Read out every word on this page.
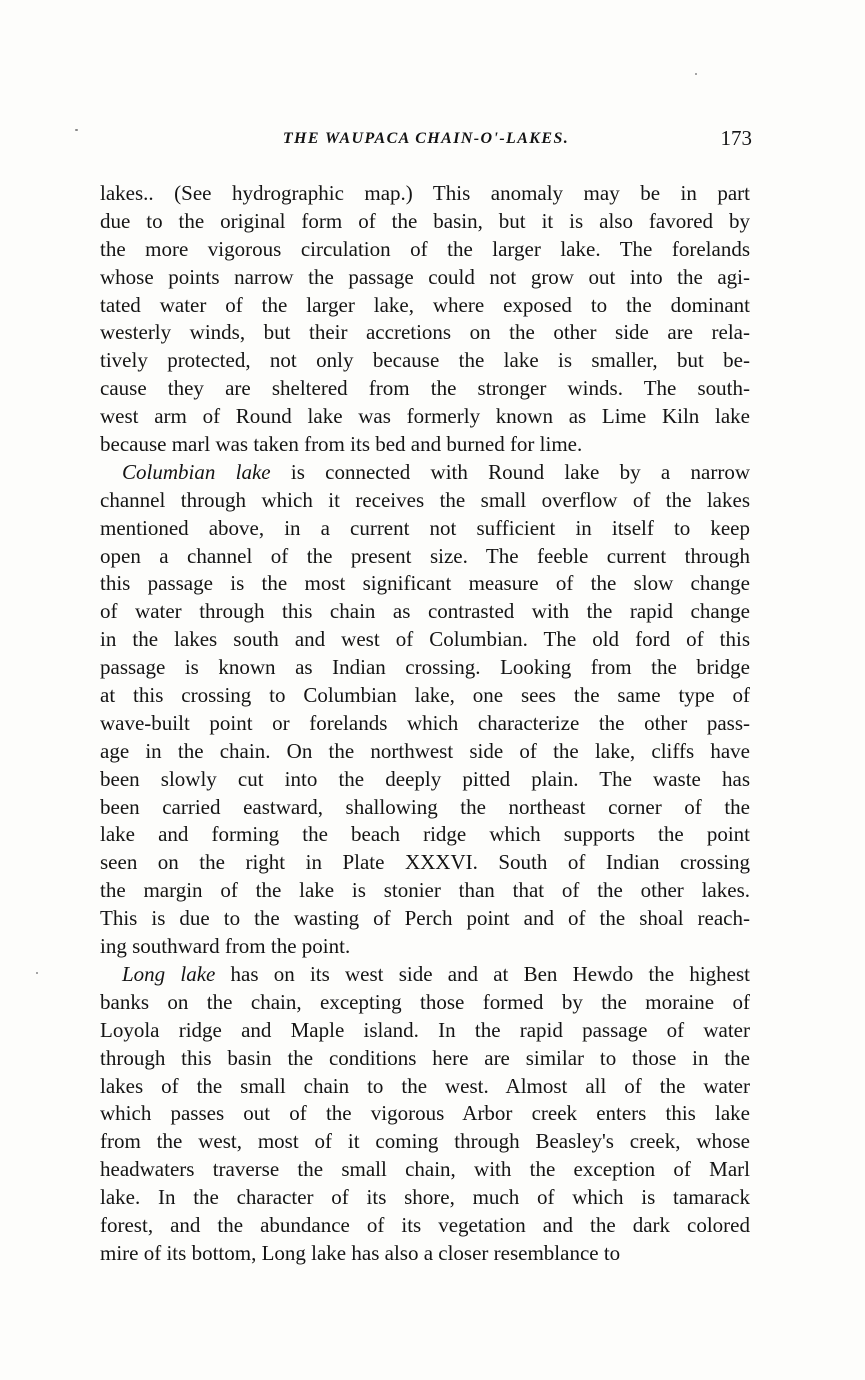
THE WAUPACA CHAIN-O'-LAKES.	173
lakes.. (See hydrographic map.) This anomaly may be in part
due to the original form of the basin, but it is also favored by
the more vigorous circulation of the larger lake. The forelands
whose points narrow the passage could not grow out into the agi-
tated water of the larger lake, where exposed to the dominant
westerly winds, but their accretions on the other side are rela-
tively protected, not only because the lake is smaller, but be-
cause they are sheltered from the stronger winds. The south-
west arm of Round lake was formerly known as Lime Kiln lake
because marl was taken from its bed and burned for lime.
Columbian lake is connected with Round lake by a narrow
channel through which it receives the small overflow of the lakes
mentioned above, in a current not sufficient in itself to keep
open a channel of the present size. The feeble current through
this passage is the most significant measure of the slow change
of water through this chain as contrasted with the rapid change
in the lakes south and west of Columbian. The old ford of this
passage is known as Indian crossing. Looking from the bridge
at this crossing to Columbian lake, one sees the same type of
wave-built point or forelands which characterize the other pass-
age in the chain. On the northwest side of the lake, cliffs have
been slowly cut into the deeply pitted plain. The waste has
been carried eastward, shallowing the northeast corner of the
lake and forming the beach ridge which supports the point
seen on the right in Plate XXXVI. South of Indian crossing
the margin of the lake is stonier than that of the other lakes.
This is due to the wasting of Perch point and of the shoal reach-
ing southward from the point.
Long lake has on its west side and at Ben Hewdo the highest
banks on the chain, excepting those formed by the moraine of
Loyola ridge and Maple island. In the rapid passage of water
through this basin the conditions here are similar to those in the
lakes of the small chain to the west. Almost all of the water
which passes out of the vigorous Arbor creek enters this lake
from the west, most of it coming through Beasley's creek, whose
headwaters traverse the small chain, with the exception of Marl
lake. In the character of its shore, much of which is tamarack
forest, and the abundance of its vegetation and the dark colored
mire of its bottom, Long lake has also a closer resemblance to
